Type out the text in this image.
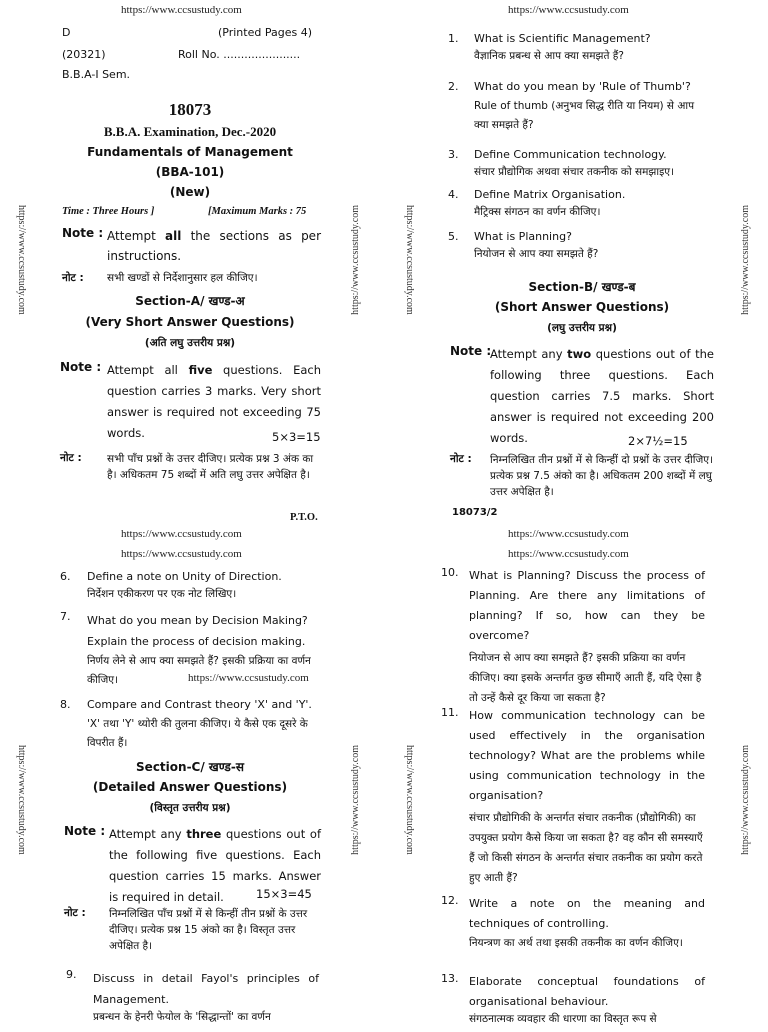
https://www.ccsustudy.com	https://www.ccsustudy.com
https://www.ccsustudy.com
https://www.ccsustudy.com
https://www.ccsustudy.com
https://www.ccsustudy.com
https://www.ccsustudy.com	https://www.ccsustudy.com	https://www.ccsustudy.com	https://www.ccsustudy.com
https://www.ccsustudy.com	https://www.ccsustudy.com	https://www.ccsustudy.com	https://www.ccsustudy.com
D	(Printed Pages 4)
(20321)	Roll No. ......................
B.B.A-I Sem.
18073
B.B.A. Examination, Dec.-2020
Fundamentals of Management
(BBA-101)
(New)
Time : Three Hours ]	[Maximum Marks : 75
Note : Attempt all the sections as per instructions.
नोट : सभी खण्डों से निर्देशानुसार हल कीजिए।
Section-A/ खण्ड-अ
(Very Short Answer Questions)
(अति लघु उत्तरीय प्रश्न)
Note : Attempt all five questions. Each question carries 3 marks. Very short answer is required not exceeding 75 words.	5×3=15
नोट : सभी पाँच प्रश्नों के उत्तर दीजिए। प्रत्येक प्रश्न 3 अंक का है। अधिकतम 75 शब्दों में अति लघु उत्तर अपेक्षित है।
P.T.O.
1. What is Scientific Management?
वैज्ञानिक प्रबन्ध से आप क्या समझते हैं?
2. What do you mean by 'Rule of Thumb'?
Rule of thumb (अनुभव सिद्ध रीति या नियम) से आप क्या समझते हैं?
3. Define Communication technology.
संचार प्रौद्योगिक अथवा संचार तकनीक को समझाइए।
4. Define Matrix Organisation.
मैट्रिक्स संगठन का वर्णन कीजिए।
5. What is Planning?
नियोजन से आप क्या समझते हैं?
Section-B/ खण्ड-ब
(Short Answer Questions)
(लघु उत्तरीय प्रश्न)
Note :
Attempt any two questions out of the following three questions. Each question carries 7.5 marks. Short answer is required not exceeding 200 words.	2×7½=15
नोट : निम्नलिखित तीन प्रश्नों में से किन्हीं दो प्रश्नों के उत्तर दीजिए। प्रत्येक प्रश्न 7.5 अंको का है। अधिकतम 200 शब्दों में लघु उत्तर अपेक्षित है।
18073/2
6. Define a note on Unity of Direction.
निर्देशन एकीकरण पर एक नोट लिखिए।
7. What do you mean by Decision Making? Explain the process of decision making.
निर्णय लेने से आप क्या समझते हैं? इसकी प्रक्रिया का वर्णन कीजिए।	https://www.ccsustudy.com
8. Compare and Contrast theory 'X' and 'Y'.
'X' तथा 'Y' थ्योरी की तुलना कीजिए। ये कैसे एक दूसरे के विपरीत हैं।
Section-C/ खण्ड-स
(Detailed Answer Questions)
(विस्तृत उत्तरीय प्रश्न)
Note : Attempt any three questions out of the following five questions. Each question carries 15 marks. Answer is required in detail.	15×3=45
नोट : निम्नलिखित पाँच प्रश्नों में से किन्हीं तीन प्रश्नों के उत्तर दीजिए। प्रत्येक प्रश्न 15 अंको का है। विस्तृत उत्तर अपेक्षित है।
9. Discuss in detail Fayol's principles of Management.
प्रबन्धन के हेनरी फेयोल के 'सिद्धान्तों' का वर्णन
10. What is Planning? Discuss the process of Planning. Are there any limitations of planning? If so, how can they be overcome?
नियोजन से आप क्या समझते हैं? इसकी प्रक्रिया का वर्णन कीजिए। क्या इसके अन्तर्गत कुछ सीमाएँ आती हैं, यदि ऐसा है तो उन्हें कैसे दूर किया जा सकता है?
11. How communication technology can be used effectively in the organisation technology? What are the problems while using communication technology in the organisation?
संचार प्रौद्योगिकी के अन्तर्गत संचार तकनीक (प्रौद्योगिकी) का उपयुक्त प्रयोग कैसे किया जा सकता है? वह कौन सी समस्याएँ हैं जो किसी संगठन के अन्तर्गत संचार तकनीक का प्रयोग करते हुए आती हैं?
12. Write a note on the meaning and techniques of controlling.
नियन्त्रण का अर्थ तथा इसकी तकनीक का वर्णन कीजिए।
13. Elaborate conceptual foundations of organisational behaviour.
संगठनात्मक व्यवहार की धारणा का विस्तृत रूप से
